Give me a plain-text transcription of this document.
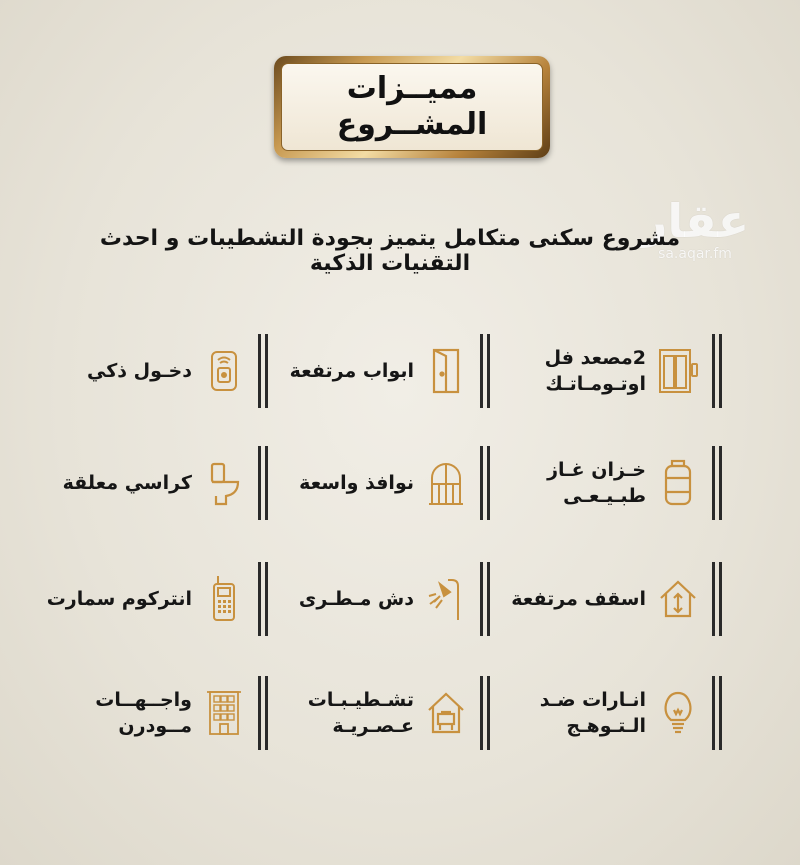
مميــزات
المشــروع
عقار
sa.aqar.fm
مشروع سكنى متكامل يتميز بجودة التشطيبات و احدث التقنيات الذكية
2مصعد فل
اوتـومـاتـك
ابواب مرتفعة
دخـول ذكي
خـزان غـاز
طبـيـعـى
نوافذ واسعة
كراسي معلقة
اسقف مرتفعة
دش مـطـرى
انتركوم سمارت
انـارات ضـد
الـتـوهـج
تشـطيـبـات
عـصـريـة
واجــهــات
مــودرن
